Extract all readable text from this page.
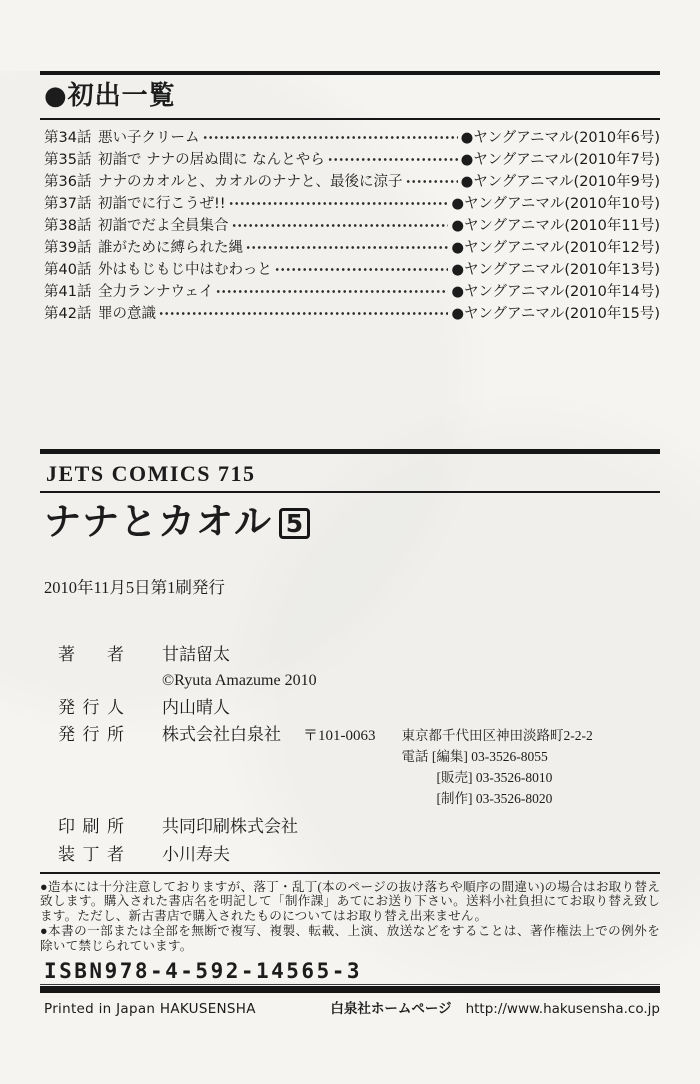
●初出一覧
第34話 悪い子クリーム	●ヤングアニマル(2010年6号)
第35話 初詣で ナナの居ぬ間に なんとやら	●ヤングアニマル(2010年7号)
第36話 ナナのカオルと、カオルのナナと、最後に涼子	●ヤングアニマル(2010年9号)
第37話 初詣でに行こうぜ!!	●ヤングアニマル(2010年10号)
第38話 初詣でだよ全員集合	●ヤングアニマル(2010年11号)
第39話 誰がために縛られた縄	●ヤングアニマル(2010年12号)
第40話 外はもじもじ中はむわっと	●ヤングアニマル(2010年13号)
第41話 全力ランナウェイ	●ヤングアニマル(2010年14号)
第42話 罪の意識	●ヤングアニマル(2010年15号)
JETS COMICS 715
ナナとカオル 5
2010年11月5日第1刷発行
著　者 甘詰留太
©Ryuta Amazume 2010
発行人 内山晴人
発行所 株式会社白泉社 〒101-0063 東京都千代田区神田淡路町2-2-2
電話 [編集] 03-3526-8055
[販売] 03-3526-8010
[制作] 03-3526-8020
印刷所 共同印刷株式会社
装丁者 小川寿夫

●造本には十分注意しておりますが、落丁・乱丁(本のページの抜け落ちや順序の間違い)の場合はお取り替え致します。購入された書店名を明記して「制作課」あてにお送り下さい。送料小社負担にてお取り替え致します。ただし、新古書店で購入されたものについてはお取り替え出来ません。

●本書の一部または全部を無断で複写、複製、転載、上演、放送などをすることは、著作権法上での例外を除いて禁じられています。

ISBN978-4-592-14565-3
Printed in Japan HAKUSENSHA	白泉社ホームページ http://www.hakusensha.co.jp
